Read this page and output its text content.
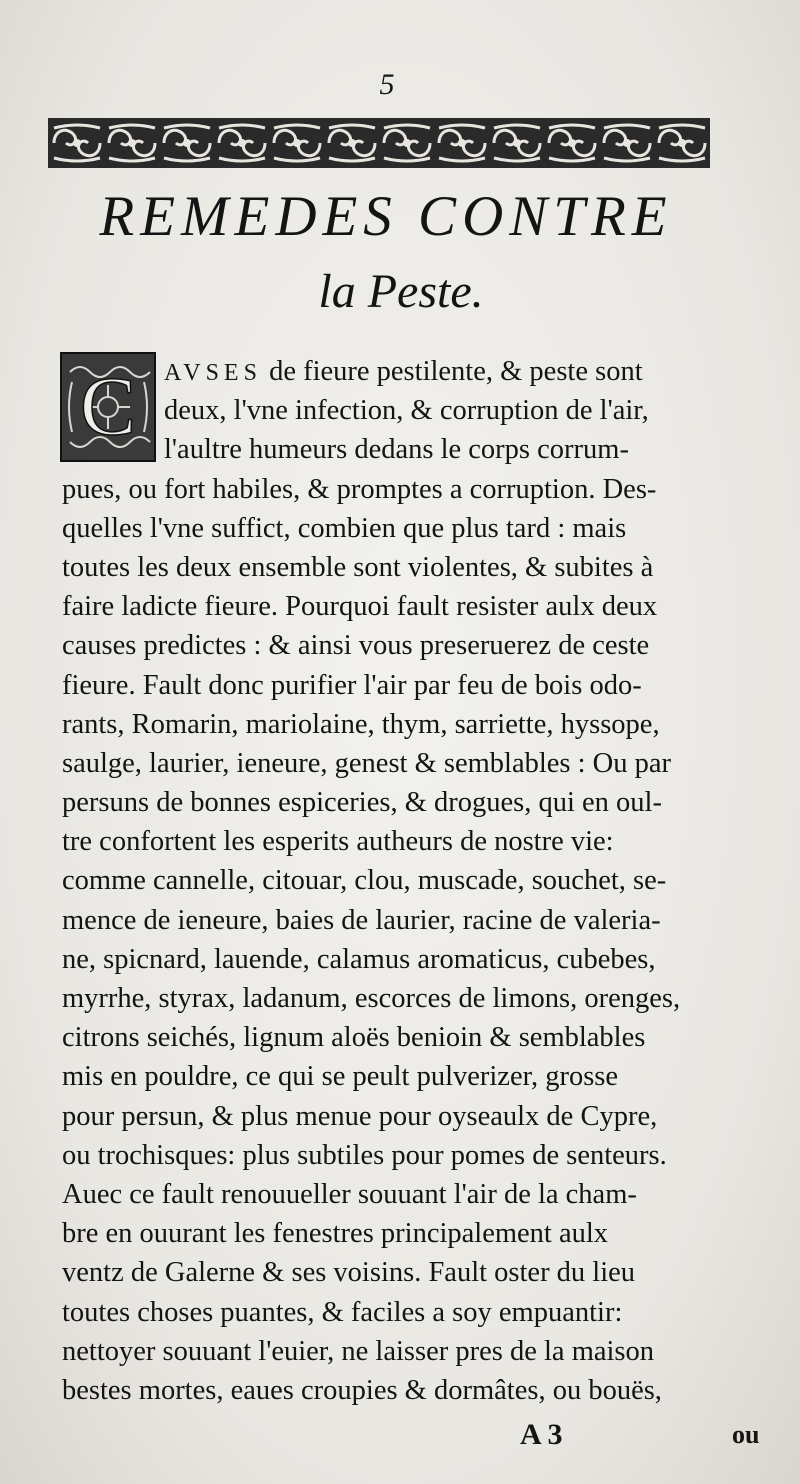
5
REMEDES CONTRE
la Peste.
C	AVSES de fieure pestilente, & peste sont
deux, l'vne infection, & corruption de l'air,
l'aultre humeurs dedans le corps corrum-
pues, ou fort habiles, & promptes a corruption. Des-
quelles l'vne suffict, combien que plus tard : mais
toutes les deux ensemble sont violentes, & subites à
faire ladicte fieure. Pourquoi fault resister aulx deux
causes predictes : & ainsi vous preseruerez de ceste
fieure. Fault donc purifier l'air par feu de bois odo-
rants, Romarin, mariolaine, thym, sarriette, hyssope,
saulge, laurier, ieneure, genest & semblables : Ou par
persuns de bonnes espiceries, & drogues, qui en oul-
tre confortent les esperits autheurs de nostre vie:
comme cannelle, citouar, clou, muscade, souchet, se-
mence de ieneure, baies de laurier, racine de valeria-
ne, spicnard, lauende, calamus aromaticus, cubebes,
myrrhe, styrax, ladanum, escorces de limons, orenges,
citrons seichés, lignum aloës benioin & semblables
mis en pouldre, ce qui se peult pulverizer, grosse
pour persun, & plus menue pour oyseaulx de Cypre,
ou trochisques: plus subtiles pour pomes de senteurs.
Auec ce fault renouueller souuant l'air de la cham-
bre en ouurant les fenestres principalement aulx
ventz de Galerne & ses voisins. Fault oster du lieu
toutes choses puantes, & faciles a soy empuantir:
nettoyer souuant l'euier, ne laisser pres de la maison
bestes mortes, eaues croupies & dormâtes, ou bouës,
A 3	ou
